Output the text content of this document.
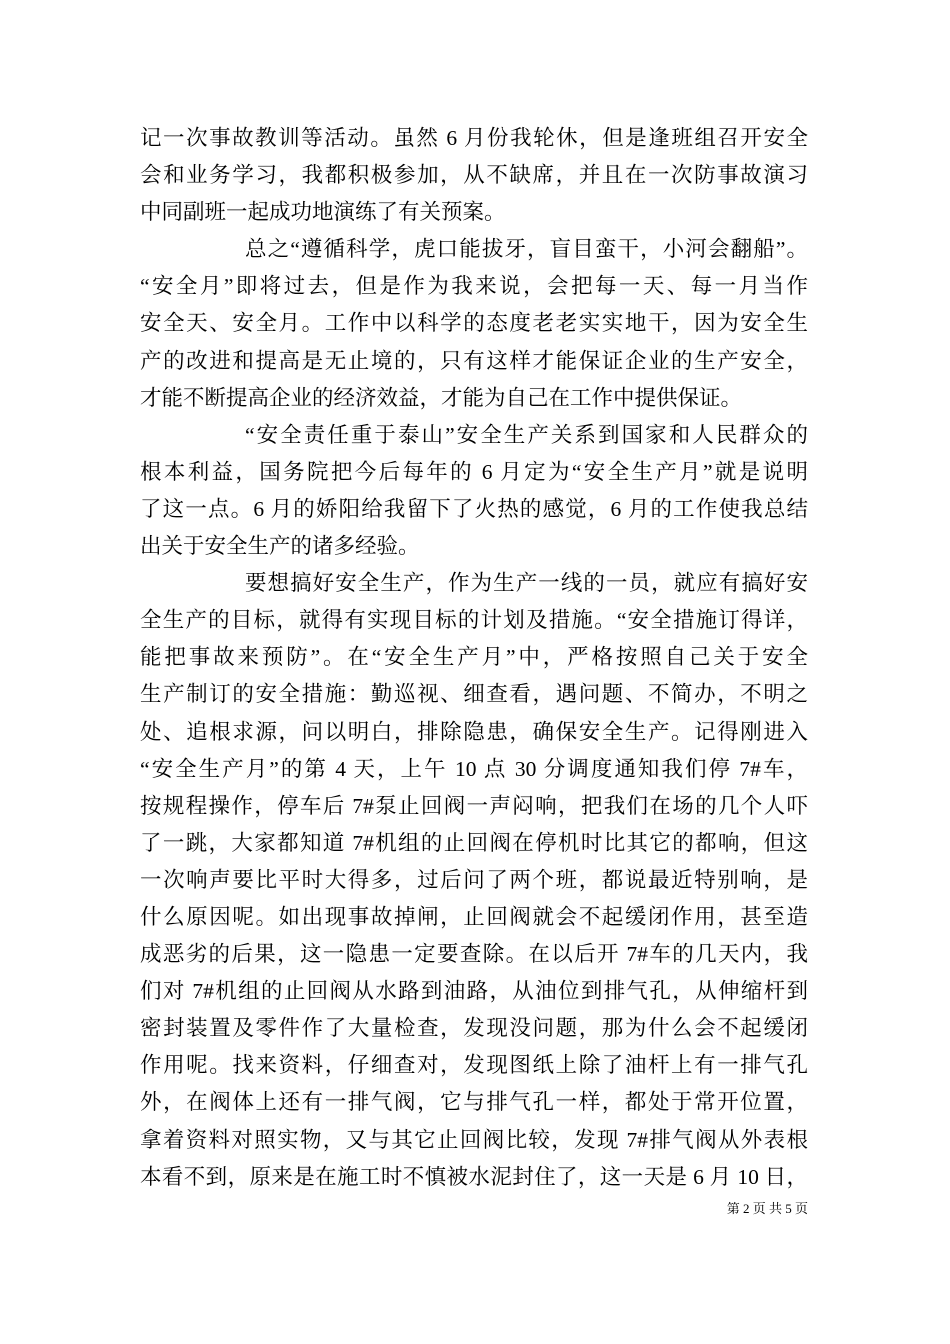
记一次事故教训等活动。虽然 6 月份我轮休，但是逢班组召开安全
会和业务学习，我都积极参加，从不缺席，并且在一次防事故演习
中同副班一起成功地演练了有关预案。
总之“遵循科学，虎口能拔牙，盲目蛮干，小河会翻船”。
“安全月”即将过去，但是作为我来说，会把每一天、每一月当作
安全天、安全月。工作中以科学的态度老老实实地干，因为安全生
产的改进和提高是无止境的，只有这样才能保证企业的生产安全，
才能不断提高企业的经济效益，才能为自己在工作中提供保证。
“安全责任重于泰山”安全生产关系到国家和人民群众的
根本利益，国务院把今后每年的 6 月定为“安全生产月”就是说明
了这一点。6 月的娇阳给我留下了火热的感觉，6 月的工作使我总结
出关于安全生产的诸多经验。
要想搞好安全生产，作为生产一线的一员，就应有搞好安
全生产的目标，就得有实现目标的计划及措施。“安全措施订得详，
能把事故来预防”。在“安全生产月”中，严格按照自己关于安全
生产制订的安全措施：勤巡视、细查看，遇问题、不简办，不明之
处、追根求源，问以明白，排除隐患，确保安全生产。记得刚进入
“安全生产月”的第 4 天，上午 10 点 30 分调度通知我们停 7#车，
按规程操作，停车后 7#泵止回阀一声闷响，把我们在场的几个人吓
了一跳，大家都知道 7#机组的止回阀在停机时比其它的都响，但这
一次响声要比平时大得多，过后问了两个班，都说最近特别响，是
什么原因呢。如出现事故掉闸，止回阀就会不起缓闭作用，甚至造
成恶劣的后果，这一隐患一定要查除。在以后开 7#车的几天内，我
们对 7#机组的止回阀从水路到油路，从油位到排气孔，从伸缩杆到
密封装置及零件作了大量检查，发现没问题，那为什么会不起缓闭
作用呢。找来资料，仔细查对，发现图纸上除了油杆上有一排气孔
外，在阀体上还有一排气阀，它与排气孔一样，都处于常开位置，
拿着资料对照实物，又与其它止回阀比较，发现 7#排气阀从外表根
本看不到，原来是在施工时不慎被水泥封住了，这一天是 6 月 10 日，
第 2 页 共 5 页
